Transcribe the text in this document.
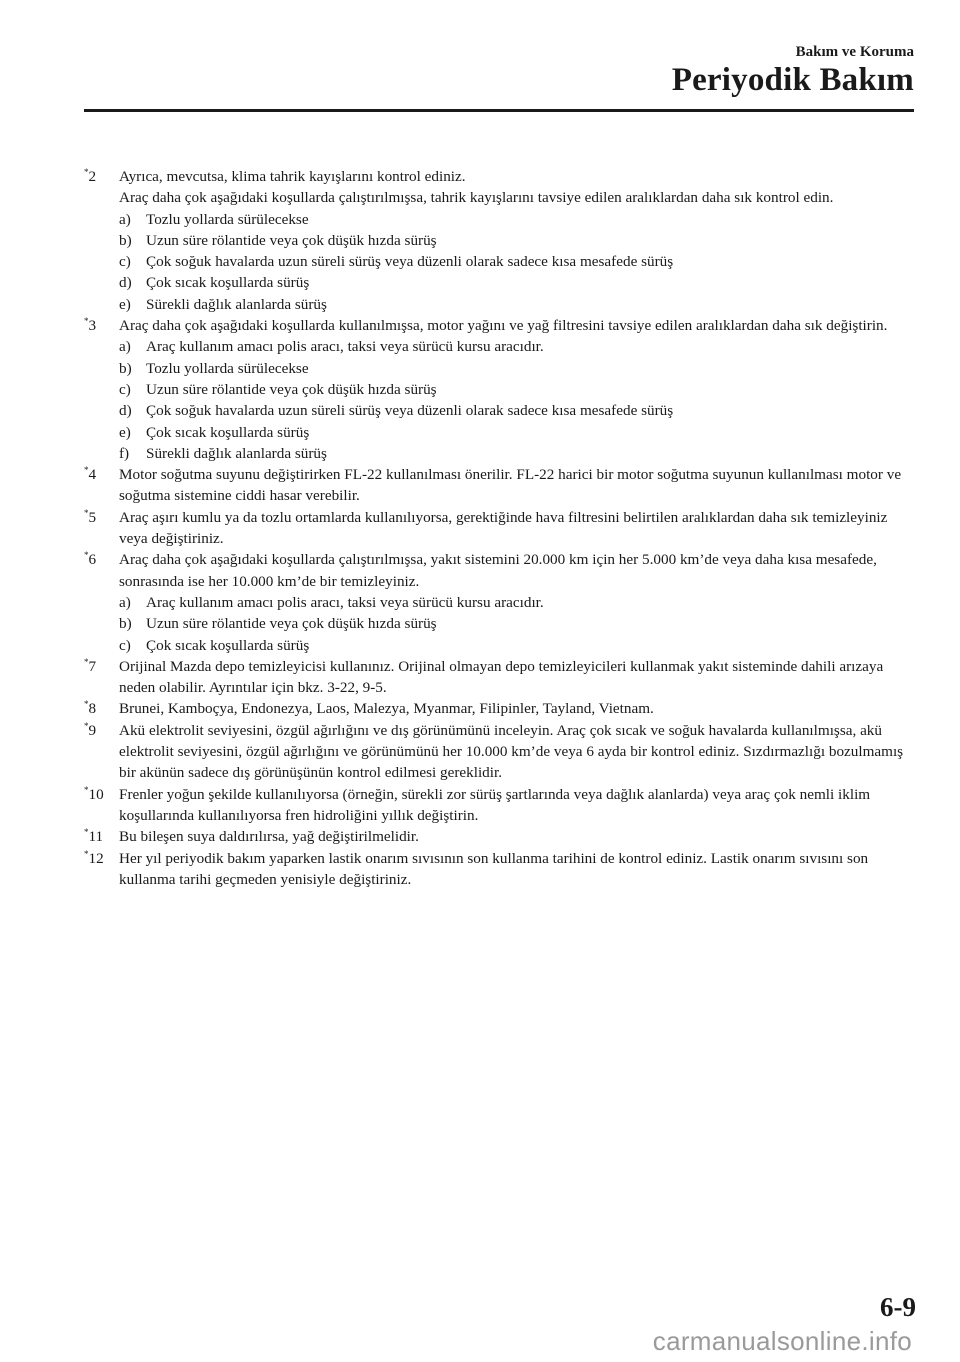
Bakım ve Koruma
Periyodik Bakım
*2 Ayrıca, mevcutsa, klima tahrik kayışlarını kontrol ediniz.
Araç daha çok aşağıdaki koşullarda çalıştırılmışsa, tahrik kayışlarını tavsiye edilen aralıklardan daha sık kontrol edin.
a) Tozlu yollarda sürülecekse
b) Uzun süre rölantide veya çok düşük hızda sürüş
c) Çok soğuk havalarda uzun süreli sürüş veya düzenli olarak sadece kısa mesafede sürüş
d) Çok sıcak koşullarda sürüş
e) Sürekli dağlık alanlarda sürüş
*3 Araç daha çok aşağıdaki koşullarda kullanılmışsa, motor yağını ve yağ filtresini tavsiye edilen aralıklardan daha sık değiştirin.
a) Araç kullanım amacı polis aracı, taksi veya sürücü kursu aracıdır.
b) Tozlu yollarda sürülecekse
c) Uzun süre rölantide veya çok düşük hızda sürüş
d) Çok soğuk havalarda uzun süreli sürüş veya düzenli olarak sadece kısa mesafede sürüş
e) Çok sıcak koşullarda sürüş
f) Sürekli dağlık alanlarda sürüş
*4 Motor soğutma suyunu değiştirirken FL-22 kullanılması önerilir. FL-22 harici bir motor soğutma suyunun kullanılması motor ve soğutma sistemine ciddi hasar verebilir.
*5 Araç aşırı kumlu ya da tozlu ortamlarda kullanılıyorsa, gerektiğinde hava filtresini belirtilen aralıklardan daha sık temizleyiniz veya değiştiriniz.
*6 Araç daha çok aşağıdaki koşullarda çalıştırılmışsa, yakıt sistemini 20.000 km için her 5.000 km’de veya daha kısa mesafede, sonrasında ise her 10.000 km’de bir temizleyiniz.
a) Araç kullanım amacı polis aracı, taksi veya sürücü kursu aracıdır.
b) Uzun süre rölantide veya çok düşük hızda sürüş
c) Çok sıcak koşullarda sürüş
*7 Orijinal Mazda depo temizleyicisi kullanınız. Orijinal olmayan depo temizleyicileri kullanmak yakıt sisteminde dahili arızaya neden olabilir. Ayrıntılar için bkz. 3-22, 9-5.
*8 Brunei, Kamboçya, Endonezya, Laos, Malezya, Myanmar, Filipinler, Tayland, Vietnam.
*9 Akü elektrolit seviyesini, özgül ağırlığını ve dış görünümünü inceleyin. Araç çok sıcak ve soğuk havalarda kullanılmışsa, akü elektrolit seviyesini, özgül ağırlığını ve görünümünü her 10.000 km’de veya 6 ayda bir kontrol ediniz. Sızdırmazlığı bozulmamış bir akünün sadece dış görünüşünün kontrol edilmesi gereklidir.
*10 Frenler yoğun şekilde kullanılıyorsa (örneğin, sürekli zor sürüş şartlarında veya dağlık alanlarda) veya araç çok nemli iklim koşullarında kullanılıyorsa fren hidroliğini yıllık değiştirin.
*11 Bu bileşen suya daldırılırsa, yağ değiştirilmelidir.
*12 Her yıl periyodik bakım yaparken lastik onarım sıvısının son kullanma tarihini de kontrol ediniz. Lastik onarım sıvısını son kullanma tarihi geçmeden yenisiyle değiştiriniz.
6-9
carmanualsonline.info
